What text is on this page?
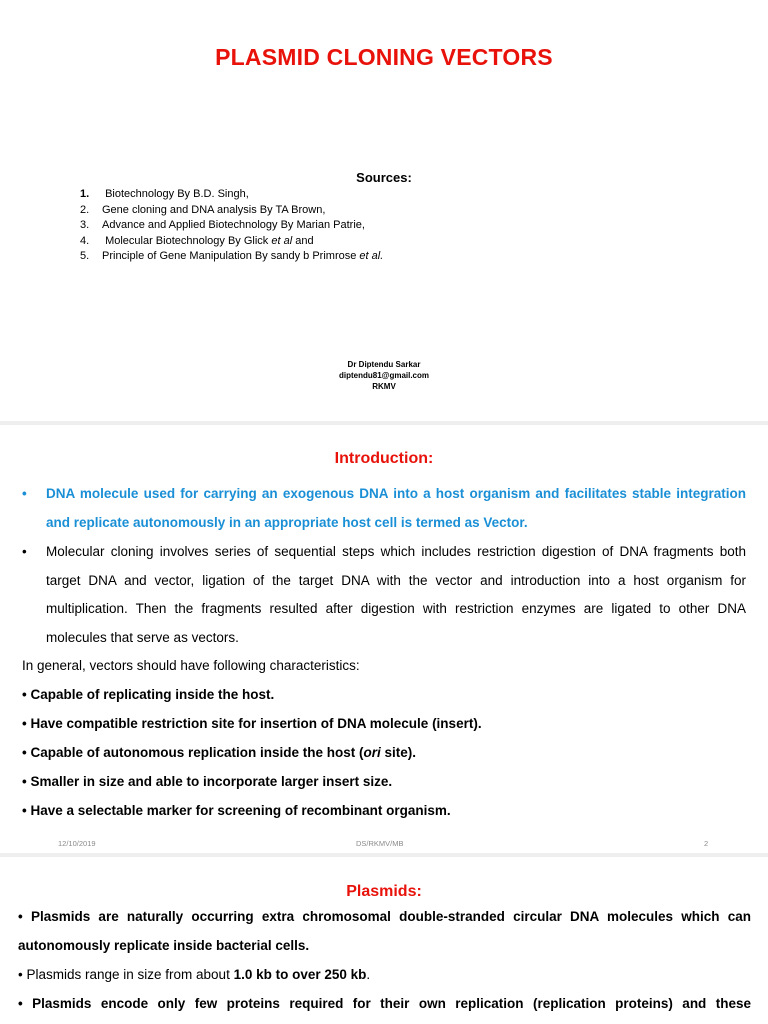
PLASMID CLONING VECTORS
Sources:
1. Biotechnology By B.D. Singh,
2. Gene cloning and DNA analysis By TA Brown,
3. Advance and Applied Biotechnology By Marian Patrie,
4. Molecular Biotechnology By Glick et al and
5. Principle of Gene Manipulation By sandy b Primrose et al.
Dr Diptendu Sarkar
diptendu81@gmail.com
RKMV
Introduction:
•	DNA molecule used for carrying an exogenous DNA into a host organism and facilitates stable integration and replicate autonomously in an appropriate host cell is termed as Vector.
•	Molecular cloning involves series of sequential steps which includes restriction digestion of DNA fragments both target DNA and vector, ligation of the target DNA with the vector and introduction into a host organism for multiplication. Then the fragments resulted after digestion with restriction enzymes are ligated to other DNA molecules that serve as vectors.
In general, vectors should have following characteristics:
• Capable of replicating inside the host.
• Have compatible restriction site for insertion of DNA molecule (insert).
• Capable of autonomous replication inside the host (ori site).
• Smaller in size and able to incorporate larger insert size.
• Have a selectable marker for screening of recombinant organism.
12/10/2019	DS/RKMV/MB	2
Plasmids:
• Plasmids are naturally occurring extra chromosomal double-stranded circular DNA molecules which can autonomously replicate inside bacterial cells.
• Plasmids range in size from about 1.0 kb to over 250 kb.
• Plasmids encode only few proteins required for their own replication (replication proteins) and these
